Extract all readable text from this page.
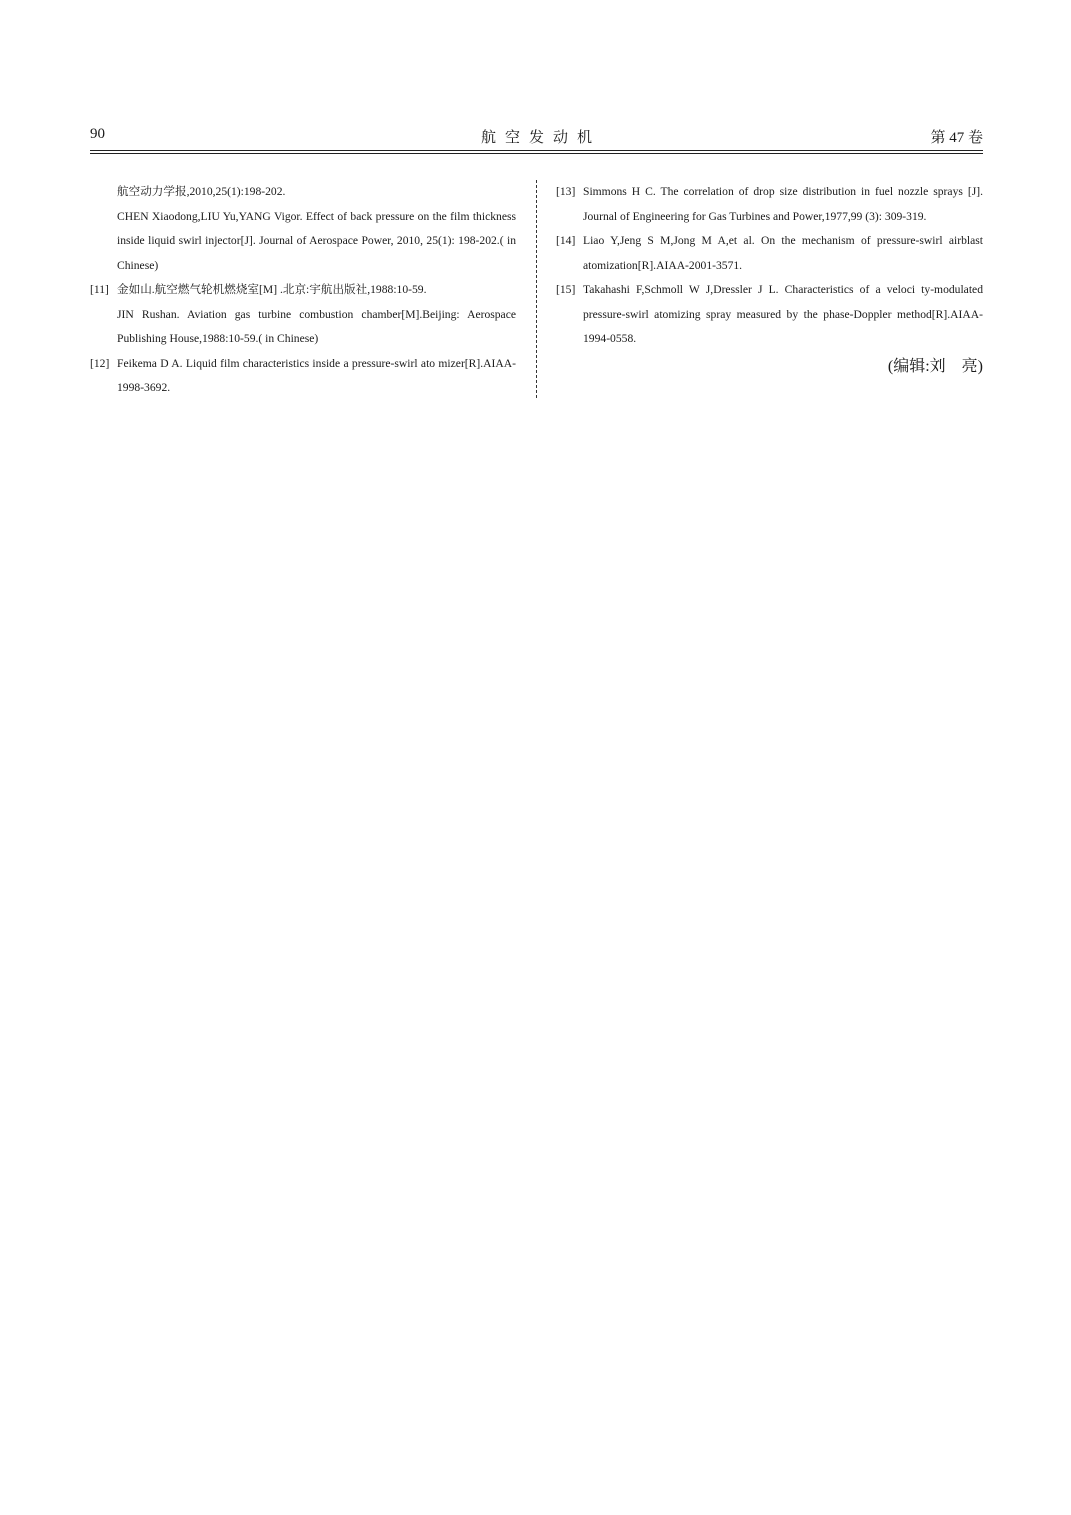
90	航空发动机	第 47 卷
航空动力学报,2010,25(1):198-202.
CHEN Xiaodong,LIU Yu,YANG Vigor. Effect of back pressure on the film thickness inside liquid swirl injector[J]. Journal of Aerospace Power, 2010, 25(1): 198-202.( in Chinese)
[11] 金如山.航空燃气轮机燃烧室[M] .北京:宇航出版社,1988:10-59.
JIN Rushan. Aviation gas turbine combustion chamber[M].Beijing: Aerospace Publishing House,1988:10-59.( in Chinese)
[12] Feikema D A. Liquid film characteristics inside a pressure-swirl ato mizer[R].AIAA-1998-3692.
[13] Simmons H C. The correlation of drop size distribution in fuel nozzle sprays [J]. Journal of Engineering for Gas Turbines and Power,1977,99 (3): 309-319.
[14] Liao Y,Jeng S M,Jong M A,et al. On the mechanism of pressure-swirl airblast atomization[R].AIAA-2001-3571.
[15] Takahashi F,Schmoll W J,Dressler J L. Characteristics of a veloci ty-modulated pressure-swirl atomizing spray measured by the phase-Doppler method[R].AIAA-1994-0558.
(编辑:刘　亮)
